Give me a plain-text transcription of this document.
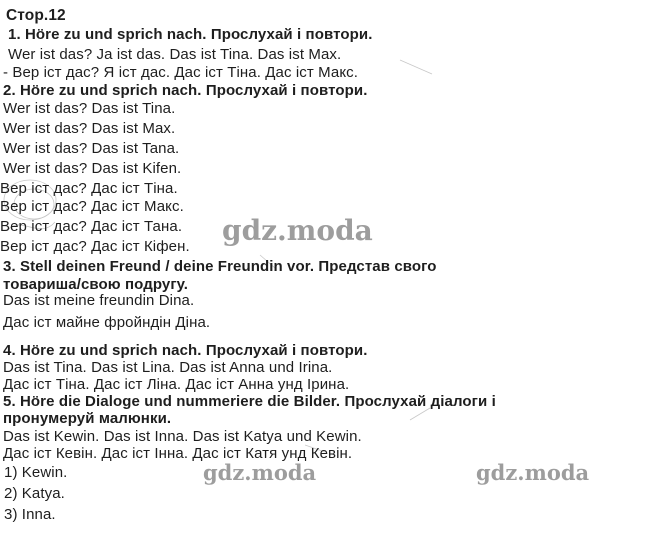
Стор.12
1. Höre zu und sprich nach. Прослухай і повтори.
Wer ist das? Ja ist das. Das ist Tina. Das ist Max.
- Вер іст дас? Я іст дас. Дас іст Тіна. Дас іст Макс.
2. Höre zu und sprich nach. Прослухай і повтори.
Wer ist das? Das ist Tina.
Wer ist das? Das ist Max.
Wer ist das? Das ist Tana.
Wer ist das? Das ist Kifen.
Вер іст дас? Дас іст Тіна.
Вер іст дас? Дас іст Макс.
Вер іст дас? Дас іст Тана.
Вер іст дас? Дас іст Кіфен.
3. Stell deinen Freund / deine Freundin vor. Представ свого
товариша/свою подругу.
Das ist meine freundin Dina.
Дас іст майне фройндін Діна.
4. Höre zu und sprich nach. Прослухай і повтори.
Das ist Tina. Das ist Lina. Das ist Anna und Irina.
Дас іст Тіна. Дас іст Ліна. Дас іст Анна унд Ірина.
5. Höre die Dialoge und nummeriere die Bilder. Прослухай діалоги і
пронумеруй малюнки.
Das ist Kewin. Das ist Inna. Das ist Katya und Kewin.
Дас іст Кевін. Дас іст Інна. Дас іст Катя унд Кевін.
1) Kewin.
2) Katya.
3) Inna.
gdz.moda
gdz.moda	gdz.moda
